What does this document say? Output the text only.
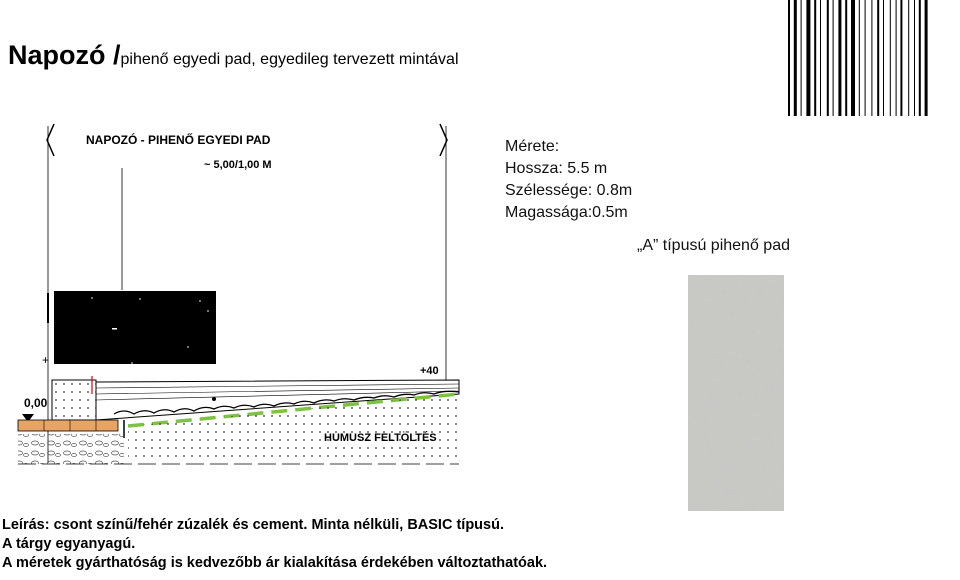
Napozó /pihenő egyedi pad, egyedileg tervezett mintával
NAPOZÓ - PIHENŐ EGYEDI PAD
~ 5,00/1,00 M
+
0,00
+40
HUMUSZ FELTÖLTÉS
Mérete:
Hossza: 5.5 m
Szélessége: 0.8m
Magassága:0.5m
„A” típusú pihenő pad
Leírás: csont színű/fehér zúzalék és cement. Minta nélküli, BASIC típusú.
A tárgy egyanyagú.
A méretek gyárthatóság is kedvezőbb ár kialakítása érdekében változtathatóak.
